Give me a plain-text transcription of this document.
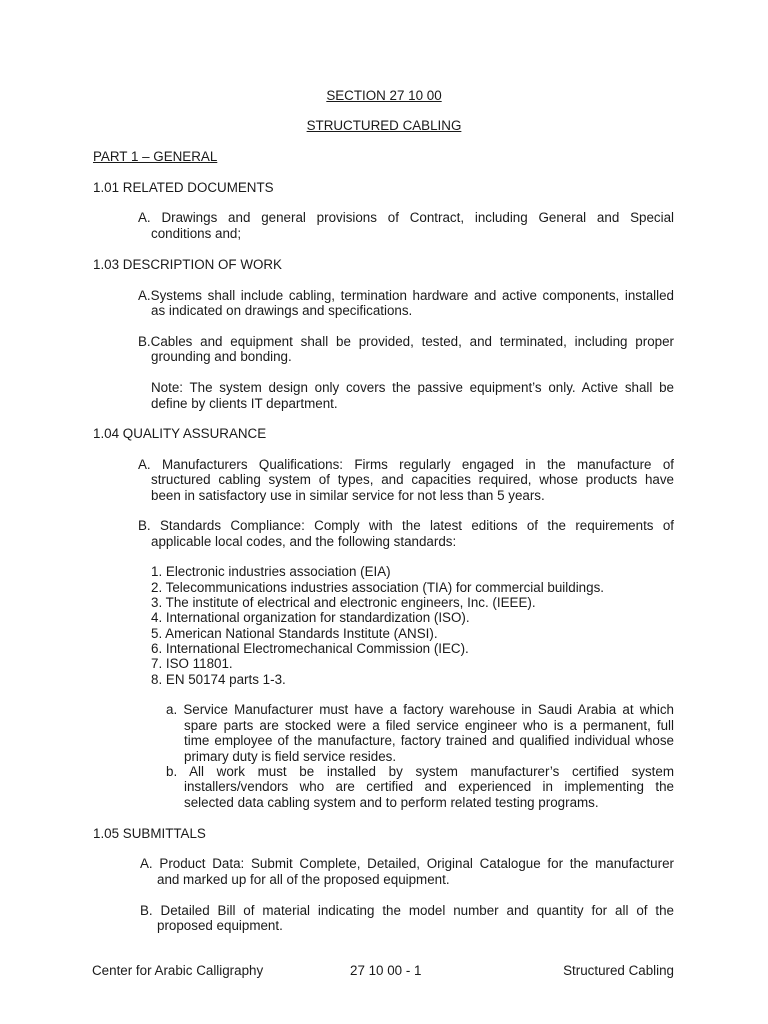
SECTION 27 10 00
STRUCTURED CABLING
PART 1 – GENERAL
1.01 RELATED DOCUMENTS
A. Drawings and general provisions of Contract, including General and Special
conditions and;
1.03 DESCRIPTION OF WORK
A.Systems shall include cabling, termination hardware and active components, installed
as indicated on drawings and specifications.
B.Cables and equipment shall be provided, tested, and terminated, including proper
grounding and bonding.
Note: The system design only covers the passive equipment’s only. Active shall be
define by clients IT department.
1.04 QUALITY ASSURANCE
A. Manufacturers Qualifications: Firms regularly engaged in the manufacture of
structured cabling system of types, and capacities required, whose products have
been in satisfactory use in similar service for not less than 5 years.
B. Standards Compliance: Comply with the latest editions of the requirements of
applicable local codes, and the following standards:
1. Electronic industries association (EIA)
2. Telecommunications industries association (TIA) for commercial buildings.
3. The institute of electrical and electronic engineers, Inc. (IEEE).
4. International organization for standardization (ISO).
5. American National Standards Institute (ANSI).
6. International Electromechanical Commission (IEC).
7. ISO 11801.
8. EN 50174 parts 1-3.
a. Service Manufacturer must have a factory warehouse in Saudi Arabia at which
spare parts are stocked were a filed service engineer who is a permanent, full
time employee of the manufacture, factory trained and qualified individual whose
primary duty is field service resides.
b. All work must be installed by system manufacturer’s certified system
installers/vendors who are certified and experienced in implementing the
selected data cabling system and to perform related testing programs.
1.05 SUBMITTALS
A. Product Data: Submit Complete, Detailed, Original Catalogue for the manufacturer
and marked up for all of the proposed equipment.
B. Detailed Bill of material indicating the model number and quantity for all of the
proposed equipment.
Center for Arabic Calligraphy	27 10 00 - 1	Structured Cabling
